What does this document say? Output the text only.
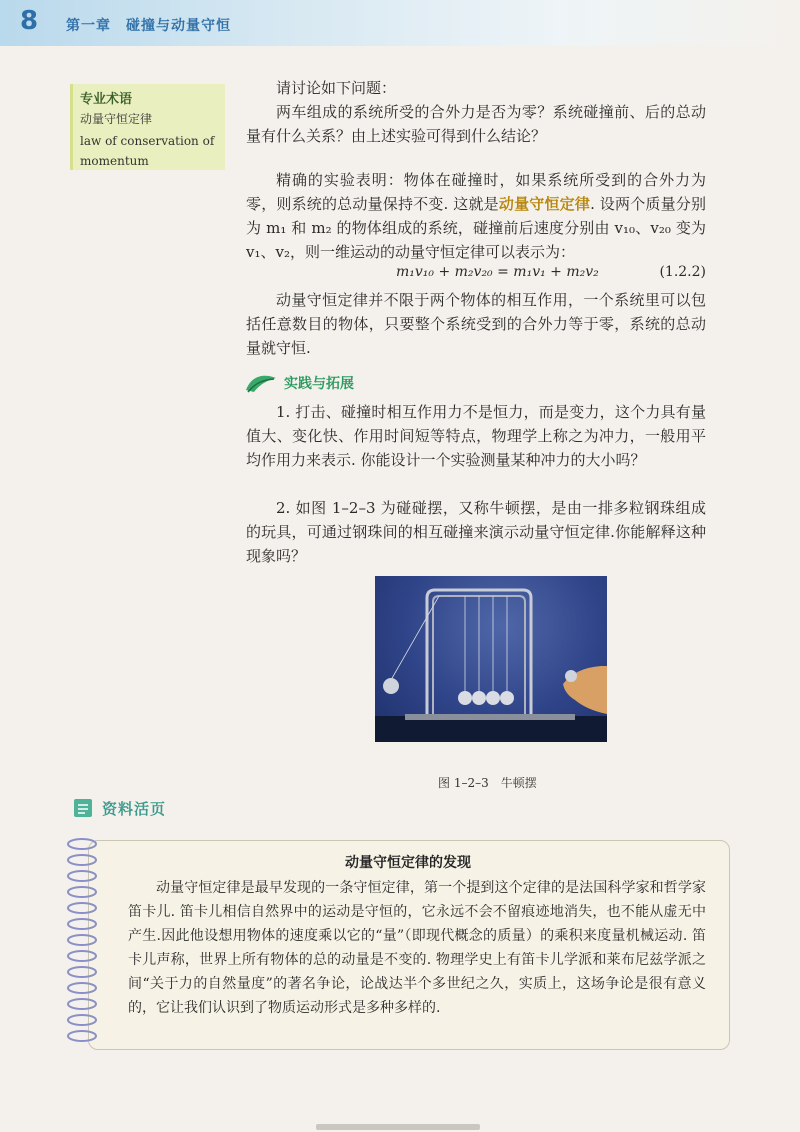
8 第一章　碰撞与动量守恒
专业术语
动量守恒定律
law of conservation of momentum

请讨论如下问题：

两车组成的系统所受的合外力是否为零？系统碰撞前、后的总动量有什么关系？由上述实验可得到什么结论？

精确的实验表明：物体在碰撞时，如果系统所受到的合外力为零，则系统的总动量保持不变. 这就是动量守恒定律. 设两个质量分别为 m₁ 和 m₂ 的物体组成的系统，碰撞前后速度分别由 v₁₀、v₂₀ 变为 v₁、v₂，则一维运动的动量守恒定律可以表示为：

m₁v₁₀ + m₂v₂₀ = m₁v₁ + m₂v₂	(1.2.2)

动量守恒定律并不限于两个物体的相互作用，一个系统里可以包括任意数目的物体，只要整个系统受到的合外力等于零，系统的总动量就守恒.

实践与拓展

1. 打击、碰撞时相互作用力不是恒力，而是变力，这个力具有量值大、变化快、作用时间短等特点，物理学上称之为冲力，一般用平均作用力来表示. 你能设计一个实验测量某种冲力的大小吗？

2. 如图 1–2–3 为碰碰摆，又称牛顿摆，是由一排多粒钢珠组成的玩具，可通过钢珠间的相互碰撞来演示动量守恒定律.你能解释这种现象吗？

图 1–2–3　牛顿摆
资料活页
动量守恒定律的发现

动量守恒定律是最早发现的一条守恒定律，第一个提到这个定律的是法国科学家和哲学家笛卡儿. 笛卡儿相信自然界中的运动是守恒的，它永远不会不留痕迹地消失，也不能从虚无中产生.因此他设想用物体的速度乘以它的“量”（即现代概念的质量）的乘积来度量机械运动. 笛卡儿声称，世界上所有物体的总的动量是不变的. 物理学史上有笛卡儿学派和莱布尼兹学派之间“关于力的自然量度”的著名争论，论战达半个多世纪之久，实质上，这场争论是很有意义的，它让我们认识到了物质运动形式是多种多样的.
